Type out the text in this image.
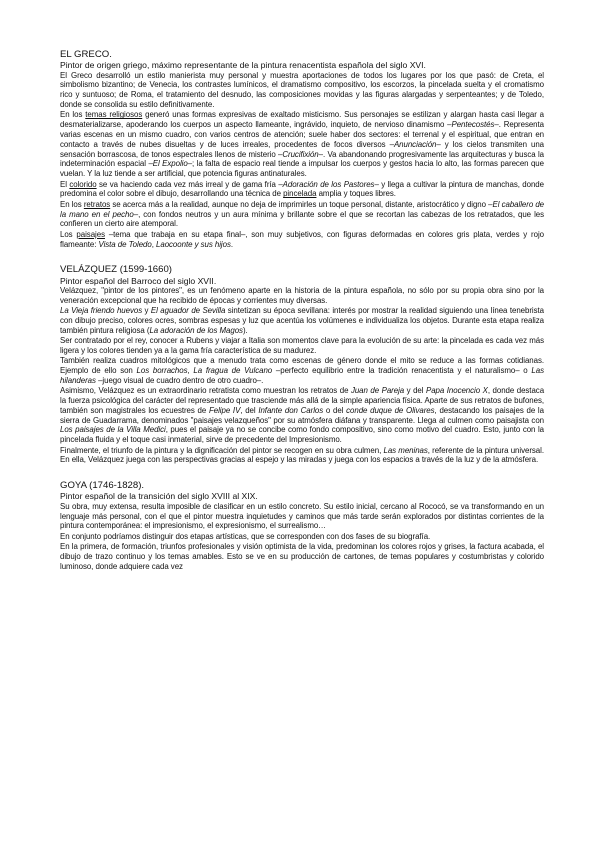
EL GRECO.
Pintor de origen griego, máximo representante de la pintura renacentista española del siglo XVI.

El Greco desarrolló un estilo manierista muy personal y muestra aportaciones de todos los lugares por los que pasó: de Creta, el simbolismo bizantino; de Venecia, los contrastes lumínicos, el dramatismo compositivo, los escorzos, la pincelada suelta y el cromatismo rico y suntuoso; de Roma, el tratamiento del desnudo, las composiciones movidas y las figuras alargadas y serpenteantes; y de Toledo, donde se consolida su estilo definitivamente.

En los temas religiosos generó unas formas expresivas de exaltado misticismo. Sus personajes se estilizan y alargan hasta casi llegar a desmaterializarse, apoderando los cuerpos un aspecto llameante, ingrávido, inquieto, de nervioso dinamismo –Pentecostés–. Representa varias escenas en un mismo cuadro, con varios centros de atención; suele haber dos sectores: el terrenal y el espiritual, que entran en contacto a través de nubes disueltas y de luces irreales, procedentes de focos diversos –Anunciación– y los cielos transmiten una sensación borrascosa, de tonos espectrales llenos de misterio –Crucifixión–. Va abandonando progresivamente las arquitecturas y busca la indeterminación espacial –El Expolio–; la falta de espacio real tiende a impulsar los cuerpos y gestos hacia lo alto, las formas parecen que vuelan. Y la luz tiende a ser artificial, que potencia figuras antinaturales.

El colorido se va haciendo cada vez más irreal y de gama fría –Adoración de los Pastores– y llega a cultivar la pintura de manchas, donde predomina el color sobre el dibujo, desarrollando una técnica de pincelada amplia y toques libres.

En los retratos se acerca más a la realidad, aunque no deja de imprimirles un toque personal, distante, aristocrático y digno –El caballero de la mano en el pecho–, con fondos neutros y un aura mínima y brillante sobre el que se recortan las cabezas de los retratados, que les confieren un cierto aire atemporal.

Los paisajes –tema que trabaja en su etapa final–, son muy subjetivos, con figuras deformadas en colores gris plata, verdes y rojo flameante: Vista de Toledo, Laocoonte y sus hijos.

VELÁZQUEZ (1599-1660)
Pintor español del Barroco del siglo XVII.

Velázquez, "pintor de los pintores", es un fenómeno aparte en la historia de la pintura española, no sólo por su propia obra sino por la veneración excepcional que ha recibido de épocas y corrientes muy diversas.

La Vieja friendo huevos y El aguador de Sevilla sintetizan su época sevillana: interés por mostrar la realidad siguiendo una línea tenebrista con dibujo preciso, colores ocres, sombras espesas y luz que acentúa los volúmenes e individualiza los objetos. Durante esta etapa realiza también pintura religiosa (La adoración de los Magos).

Ser contratado por el rey, conocer a Rubens y viajar a Italia son momentos clave para la evolución de su arte: la pincelada es cada vez más ligera y los colores tienden ya a la gama fría característica de su madurez.

También realiza cuadros mitológicos que a menudo trata como escenas de género donde el mito se reduce a las formas cotidianas. Ejemplo de ello son Los borrachos, La fragua de Vulcano –perfecto equilibrio entre la tradición renacentista y el naturalismo– o Las hilanderas –juego visual de cuadro dentro de otro cuadro–.

Asimismo, Velázquez es un extraordinario retratista como muestran los retratos de Juan de Pareja y del Papa Inocencio X, donde destaca la fuerza psicológica del carácter del representado que trasciende más allá de la simple apariencia física. Aparte de sus retratos de bufones, también son magistrales los ecuestres de Felipe IV, del Infante don Carlos o del conde duque de Olivares, destacando los paisajes de la sierra de Guadarrama, denominados "paisajes velazqueños" por su atmósfera diáfana y transparente. Llega al culmen como paisajista con Los paisajes de la Villa Medici, pues el paisaje ya no se concibe como fondo compositivo, sino como motivo del cuadro. Esto, junto con la pincelada fluida y el toque casi inmaterial, sirve de precedente del Impresionismo.

Finalmente, el triunfo de la pintura y la dignificación del pintor se recogen en su obra culmen, Las meninas, referente de la pintura universal. En ella, Velázquez juega con las perspectivas gracias al espejo y las miradas y juega con los espacios a través de la luz y de la atmósfera.

GOYA (1746-1828).
Pintor español de la transición del siglo XVIII al XIX.

Su obra, muy extensa, resulta imposible de clasificar en un estilo concreto. Su estilo inicial, cercano al Rococó, se va transformando en un lenguaje más personal, con el que el pintor muestra inquietudes y caminos que más tarde serán explorados por distintas corrientes de la pintura contemporánea: el impresionismo, el expresionismo, el surrealismo…

En conjunto podríamos distinguir dos etapas artísticas, que se corresponden con dos fases de su biografía.

En la primera, de formación, triunfos profesionales y visión optimista de la vida, predominan los colores rojos y grises, la factura acabada, el dibujo de trazo continuo y los temas amables. Esto se ve en su producción de cartones, de temas populares y costumbristas y colorido luminoso, donde adquiere cada vez
